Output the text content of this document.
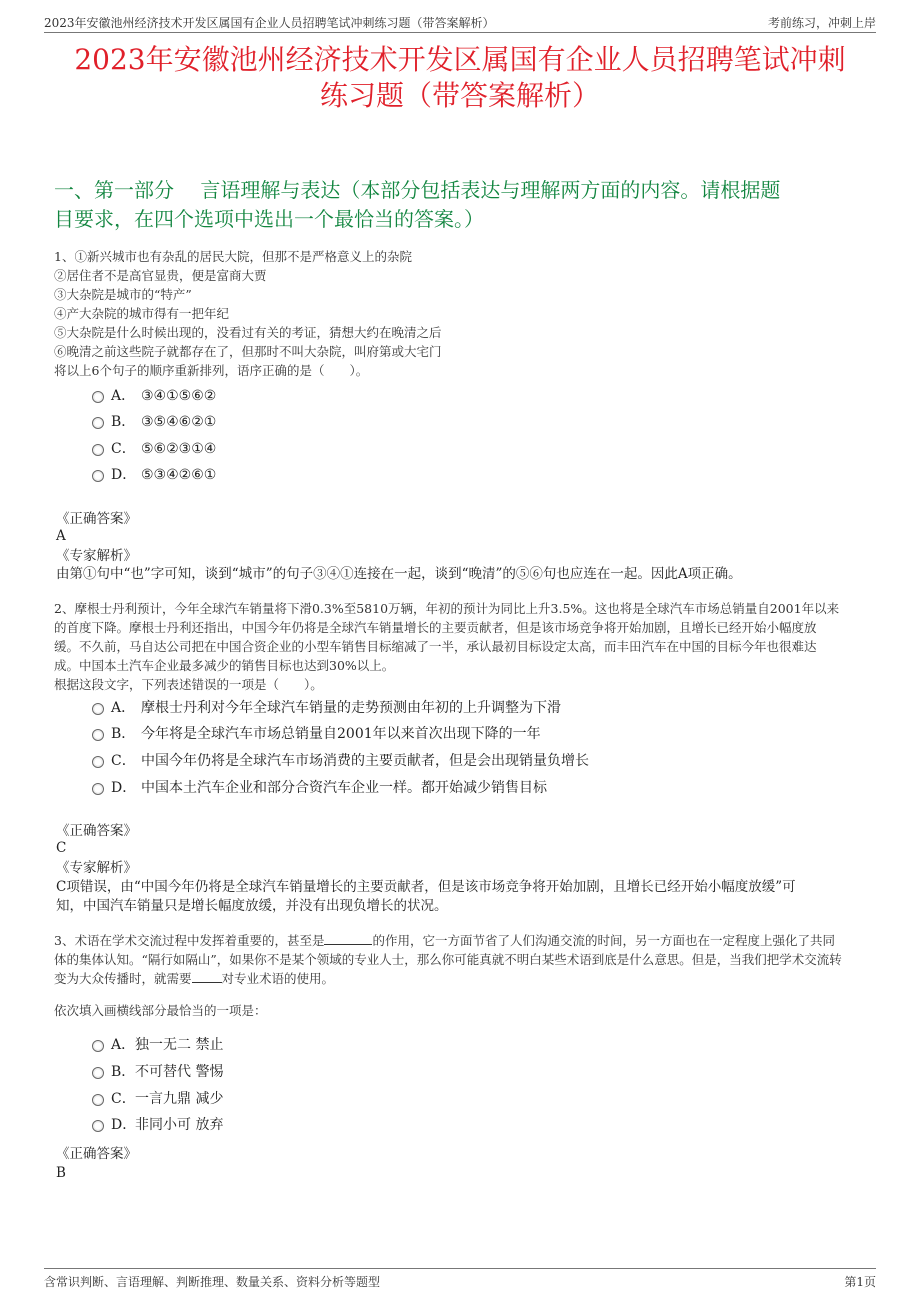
2023年安徽池州经济技术开发区属国有企业人员招聘笔试冲刺练习题（带答案解析）	考前练习，冲刺上岸
2023年安徽池州经济技术开发区属国有企业人员招聘笔试冲刺
练习题（带答案解析）
一、第一部分　 言语理解与表达（本部分包括表达与理解两方面的内容。请根据题
目要求，在四个选项中选出一个最恰当的答案。）

1、①新兴城市也有杂乱的居民大院，但那不是严格意义上的杂院

②居住者不是高官显贵，便是富商大贾

③大杂院是城市的“特产”

④产大杂院的城市得有一把年纪

⑤大杂院是什么时候出现的，没看过有关的考证，猜想大约在晚清之后

⑥晚清之前这些院子就都存在了，但那时不叫大杂院，叫府第或大宅门

将以上6个句子的顺序重新排列，语序正确的是（　　）。

A． ③④①⑤⑥②
B． ③⑤④⑥②①
C． ⑤⑥②③①④
D． ⑤③④②⑥①
《正确答案》
A
《专家解析》
由第①句中“也”字可知，谈到“城市”的句子③④①连接在一起，谈到“晚清”的⑤⑥句也应连在一起。因此A项正确。

2、摩根士丹利预计，今年全球汽车销量将下滑0.3%至5810万辆，年初的预计为同比上升3.5%。这也将是全球汽车市场总销量自2001年以来

的首度下降。摩根士丹利还指出，中国今年仍将是全球汽车销量增长的主要贡献者，但是该市场竞争将开始加剧，且增长已经开始小幅度放

缓。不久前，马自达公司把在中国合资企业的小型车销售目标缩减了一半，承认最初目标设定太高，而丰田汽车在中国的目标今年也很难达

成。中国本土汽车企业最多减少的销售目标也达到30%以上。

根据这段文字，下列表述错误的一项是（　　）。

A． 摩根士丹利对今年全球汽车销量的走势预测由年初的上升调整为下滑
B． 今年将是全球汽车市场总销量自2001年以来首次出现下降的一年
C． 中国今年仍将是全球汽车市场消费的主要贡献者，但是会出现销量负增长
D． 中国本土汽车企业和部分合资汽车企业一样。都开始减少销售目标
《正确答案》
C
《专家解析》
C项错误，由“中国今年仍将是全球汽车销量增长的主要贡献者，但是该市场竞争将开始加剧，且增长已经开始小幅度放缓”可
知，中国汽车销量只是增长幅度放缓，并没有出现负增长的状况。

3、术语在学术交流过程中发挥着重要的，甚至是	的作用，它一方面节省了人们沟通交流的时间，另一方面也在一定程度上强化了共同

体的集体认知。“隔行如隔山”，如果你不是某个领域的专业人士，那么你可能真就不明白某些术语到底是什么意思。但是，当我们把学术交流转

变为大众传播时，就需要 对专业术语的使用。

依次填入画横线部分最恰当的一项是：
A．独一无二 禁止
B．不可替代 警惕
C．一言九鼎 减少
D．非同小可 放弃
《正确答案》
B
含常识判断、言语理解、判断推理、数量关系、资料分析等题型	第1页
